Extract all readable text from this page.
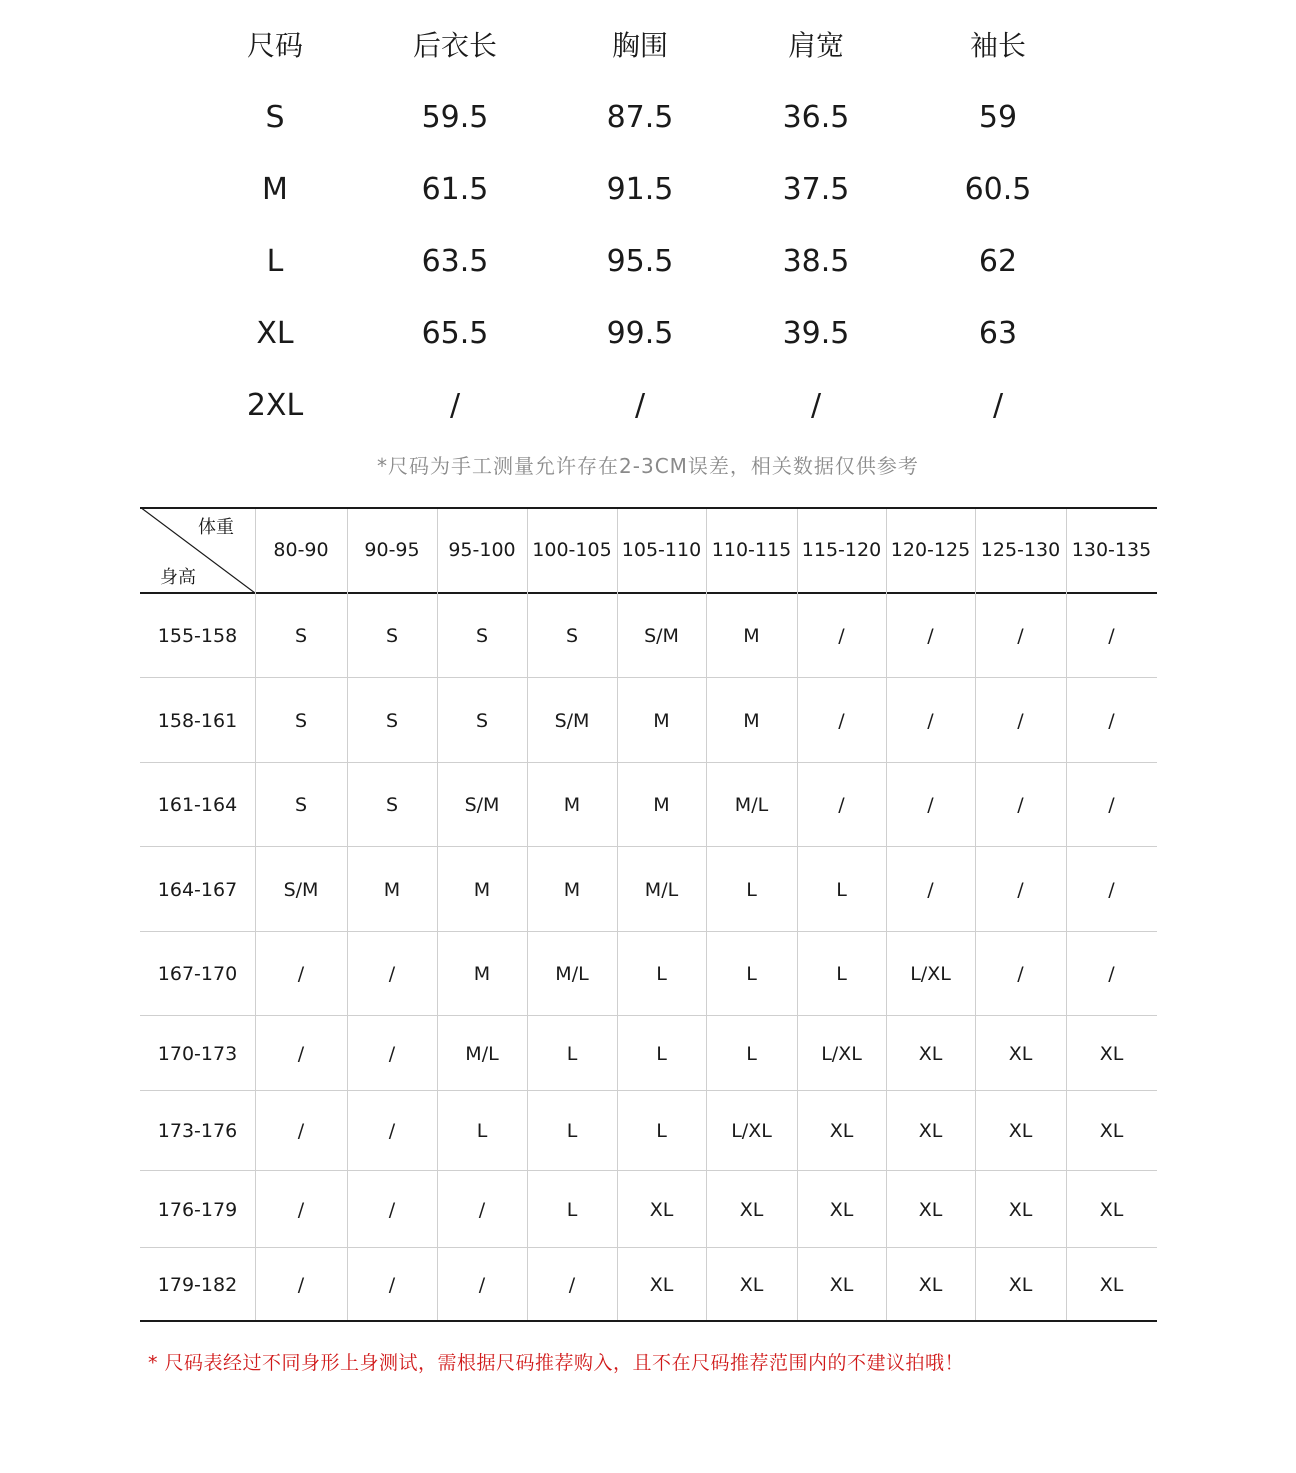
尺码	后衣长	胸围	肩宽	袖长
S	59.5	87.5	36.5	59
M	61.5	91.5	37.5	60.5
L	63.5	95.5	38.5	62
XL	65.5	99.5	39.5	63
2XL	/	/	/	/
*尺码为手工测量允许存在2-3CM误差，相关数据仅供参考
体重
身高
80-90	90-95	95-100 100-105 105-110 110-115 115-120 120-125 125-130 130-135
155-158	S	S	S	S	S/M	M	/	/	/	/
158-161	S	S	S	S/M	M	M	/	/	/	/
161-164	S	S	S/M	M	M	M/L	/	/	/	/
164-167	S/M	M	M	M	M/L	L	L	/	/	/
167-170	/	/	M	M/L	L	L	L	L/XL	/	/
170-173	/	/	M/L	L	L	L	L/XL	XL	XL	XL
173-176	/	/	L	L	L	L/XL	XL	XL	XL	XL
176-179	/	/	/	L	XL	XL	XL	XL	XL	XL
179-182	/	/	/	/	XL	XL	XL	XL	XL	XL
* 尺码表经过不同身形上身测试，需根据尺码推荐购入，且不在尺码推荐范围内的不建议拍哦！
